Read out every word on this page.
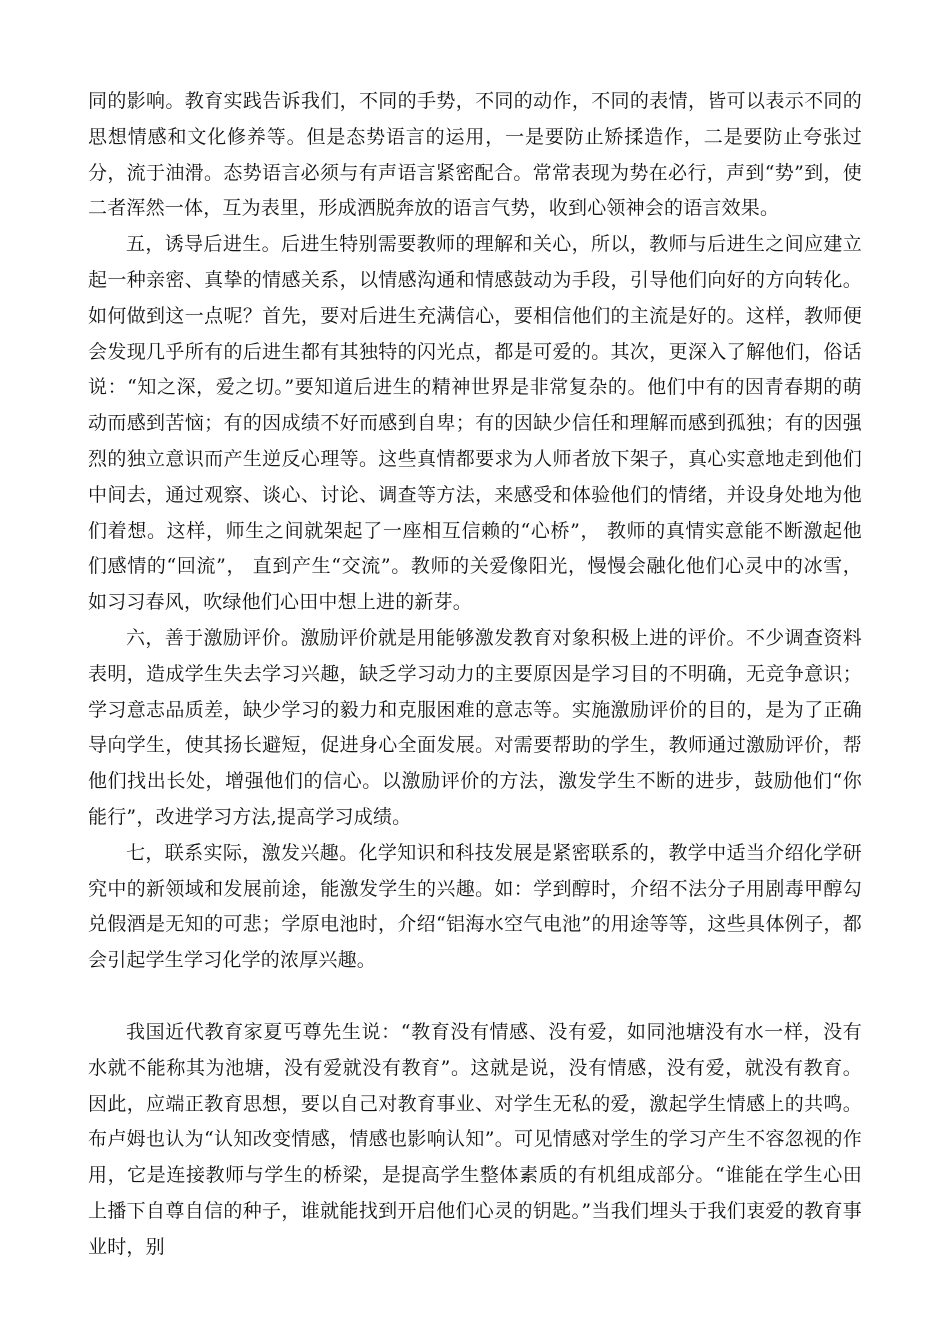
同的影响。教育实践告诉我们，不同的手势，不同的动作，不同的表情，皆可以表示不同的思想情感和文化修养等。但是态势语言的运用，一是要防止矫揉造作，二是要防止夸张过分，流于油滑。态势语言必须与有声语言紧密配合。常常表现为势在必行，声到“势”到，使二者浑然一体，互为表里，形成洒脱奔放的语言气势，收到心领神会的语言效果。

五，诱导后进生。后进生特别需要教师的理解和关心，所以，教师与后进生之间应建立起一种亲密、真挚的情感关系，以情感沟通和情感鼓动为手段，引导他们向好的方向转化。如何做到这一点呢？首先，要对后进生充满信心，要相信他们的主流是好的。这样，教师便会发现几乎所有的后进生都有其独特的闪光点，都是可爱的。其次，更深入了解他们，俗话说：“知之深，爱之切。”要知道后进生的精神世界是非常复杂的。他们中有的因青春期的萌动而感到苦恼；有的因成绩不好而感到自卑；有的因缺少信任和理解而感到孤独；有的因强烈的独立意识而产生逆反心理等。这些真情都要求为人师者放下架子，真心实意地走到他们中间去，通过观察、谈心、讨论、调查等方法，来感受和体验他们的情绪，并设身处地为他们着想。这样，师生之间就架起了一座相互信赖的“心桥”， 教师的真情实意能不断激起他们感情的“回流”， 直到产生“交流”。教师的关爱像阳光，慢慢会融化他们心灵中的冰雪，如习习春风，吹绿他们心田中想上进的新芽。

六，善于激励评价。激励评价就是用能够激发教育对象积极上进的评价。不少调查资料表明，造成学生失去学习兴趣，缺乏学习动力的主要原因是学习目的不明确，无竞争意识；学习意志品质差，缺少学习的毅力和克服困难的意志等。实施激励评价的目的，是为了正确导向学生，使其扬长避短，促进身心全面发展。对需要帮助的学生，教师通过激励评价，帮他们找出长处，增强他们的信心。以激励评价的方法，激发学生不断的进步，鼓励他们“你能行”，改进学习方法,提高学习成绩。

七，联系实际，激发兴趣。化学知识和科技发展是紧密联系的，教学中适当介绍化学研究中的新领域和发展前途，能激发学生的兴趣。如：学到醇时，介绍不法分子用剧毒甲醇勾兑假酒是无知的可悲；学原电池时，介绍“铝海水空气电池”的用途等等，这些具体例子，都会引起学生学习化学的浓厚兴趣。

我国近代教育家夏丐尊先生说：“教育没有情感、没有爱，如同池塘没有水一样，没有水就不能称其为池塘，没有爱就没有教育”。这就是说，没有情感，没有爱，就没有教育。因此，应端正教育思想，要以自己对教育事业、对学生无私的爱，激起学生情感上的共鸣。布卢姆也认为“认知改变情感，情感也影响认知”。可见情感对学生的学习产生不容忽视的作用，它是连接教师与学生的桥梁，是提高学生整体素质的有机组成部分。“谁能在学生心田上播下自尊自信的种子，谁就能找到开启他们心灵的钥匙。”当我们埋头于我们衷爱的教育事业时，别
